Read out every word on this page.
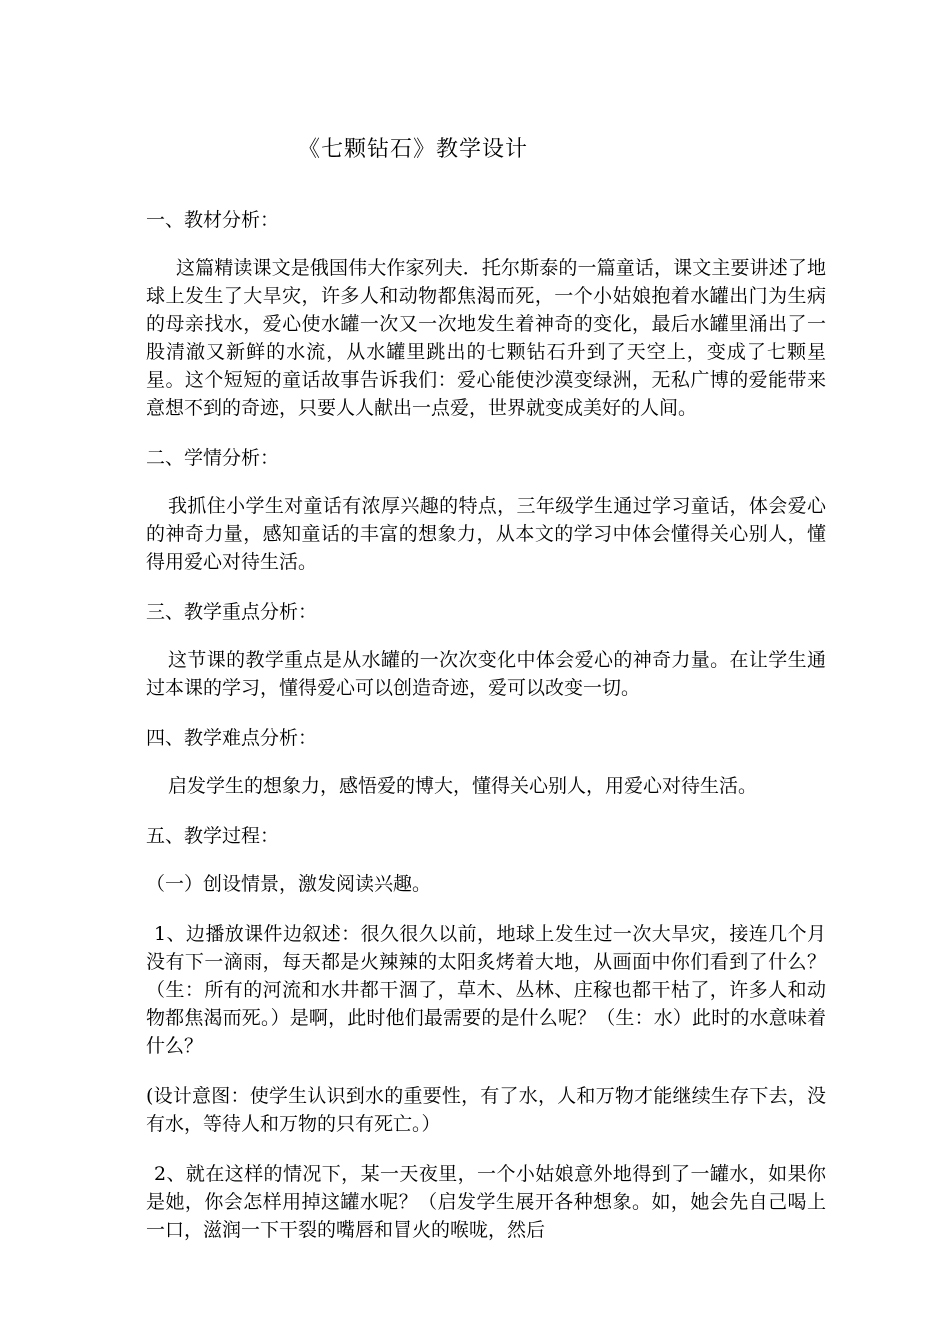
《七颗钻石》教学设计
一、教材分析：

这篇精读课文是俄国伟大作家列夫．托尔斯泰的一篇童话，课文主要讲述了地球上发生了大旱灾，许多人和动物都焦渴而死，一个小姑娘抱着水罐出门为生病的母亲找水，爱心使水罐一次又一次地发生着神奇的变化，最后水罐里涌出了一股清澈又新鲜的水流，从水罐里跳出的七颗钻石升到了天空上，变成了七颗星星。这个短短的童话故事告诉我们：爱心能使沙漠变绿洲，无私广博的爱能带来意想不到的奇迹，只要人人献出一点爱，世界就变成美好的人间。

二、学情分析：

我抓住小学生对童话有浓厚兴趣的特点，三年级学生通过学习童话，体会爱心的神奇力量，感知童话的丰富的想象力，从本文的学习中体会懂得关心别人，懂得用爱心对待生活。

三、教学重点分析：

这节课的教学重点是从水罐的一次次变化中体会爱心的神奇力量。在让学生通过本课的学习，懂得爱心可以创造奇迹，爱可以改变一切。

四、教学难点分析：

启发学生的想象力，感悟爱的博大，懂得关心别人，用爱心对待生活。

五、教学过程：
（一）创设情景，激发阅读兴趣。

1、边播放课件边叙述：很久很久以前，地球上发生过一次大旱灾，接连几个月没有下一滴雨，每天都是火辣辣的太阳炙烤着大地，从画面中你们看到了什么？（生：所有的河流和水井都干涸了，草木、丛林、庄稼也都干枯了，许多人和动物都焦渴而死。）是啊，此时他们最需要的是什么呢？（生：水）此时的水意味着什么？

(设计意图：使学生认识到水的重要性，有了水，人和万物才能继续生存下去，没有水，等待人和万物的只有死亡。）

2、就在这样的情况下，某一天夜里，一个小姑娘意外地得到了一罐水，如果你是她，你会怎样用掉这罐水呢？（启发学生展开各种想象。如，她会先自己喝上一口，滋润一下干裂的嘴唇和冒火的喉咙，然后
